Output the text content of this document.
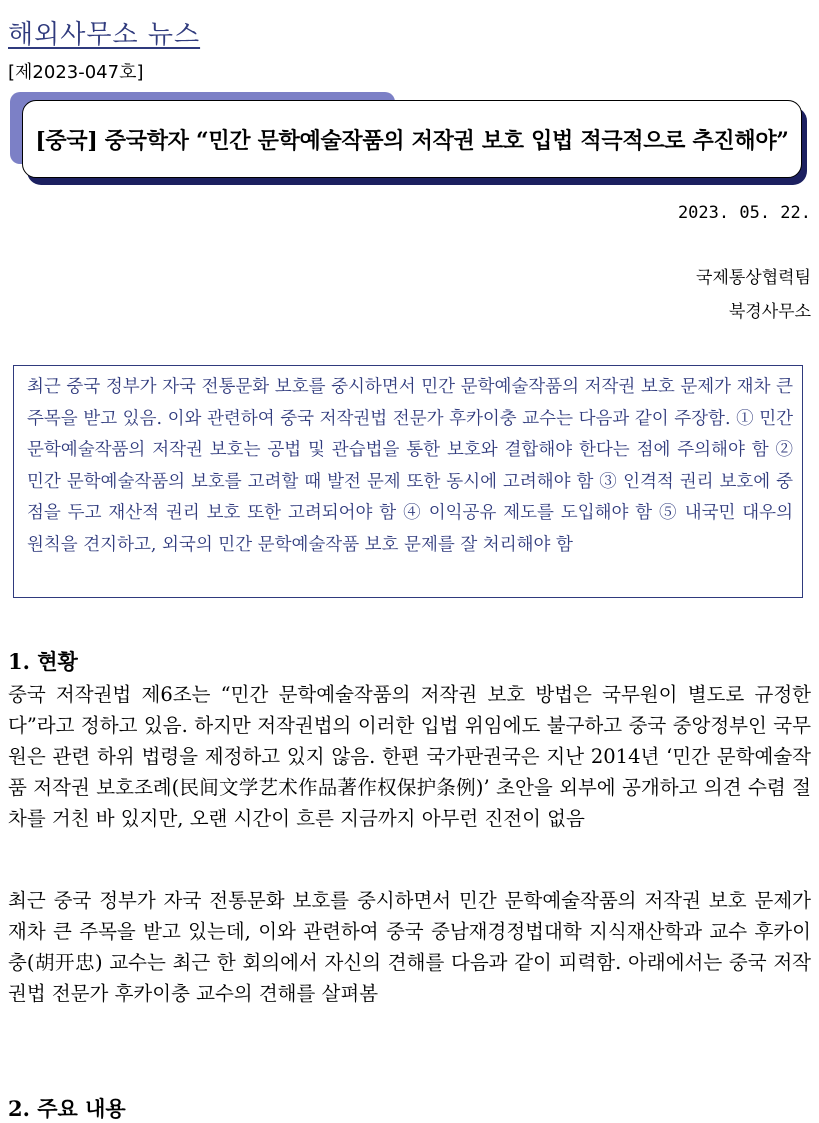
해외사무소 뉴스
[제2023-047호]
[중국] 중국학자 “민간 문학예술작품의 저작권 보호 입법 적극적으로 추진해야”
2023. 05. 22.
국제통상협력팀
북경사무소
최근 중국 정부가 자국 전통문화 보호를 중시하면서 민간 문학예술작품의 저작권 보호 문제가 재차 큰 주목을 받고 있음. 이와 관련하여 중국 저작권법 전문가 후카이충 교수는 다음과 같이 주장함. ① 민간 문학예술작품의 저작권 보호는 공법 및 관습법을 통한 보호와 결합해야 한다는 점에 주의해야 함 ② 민간 문학예술작품의 보호를 고려할 때 발전 문제 또한 동시에 고려해야 함 ③ 인격적 권리 보호에 중점을 두고 재산적 권리 보호 또한 고려되어야 함 ④ 이익공유 제도를 도입해야 함 ⑤ 내국민 대우의 원칙을 견지하고, 외국의 민간 문학예술작품 보호 문제를 잘 처리해야 함
1. 현황
중국 저작권법 제6조는 “민간 문학예술작품의 저작권 보호 방법은 국무원이 별도로 규정한다”라고 정하고 있음. 하지만 저작권법의 이러한 입법 위임에도 불구하고 중국 중앙정부인 국무원은 관련 하위 법령을 제정하고 있지 않음. 한편 국가판권국은 지난 2014년 ‘민간 문학예술작품 저작권 보호조례(民间文学艺术作品著作权保护条例)’ 초안을 외부에 공개하고 의견 수렴 절차를 거친 바 있지만, 오랜 시간이 흐른 지금까지 아무런 진전이 없음
최근 중국 정부가 자국 전통문화 보호를 중시하면서 민간 문학예술작품의 저작권 보호 문제가 재차 큰 주목을 받고 있는데, 이와 관련하여 중국 중남재경정법대학 지식재산학과 교수 후카이충(胡开忠) 교수는 최근 한 회의에서 자신의 견해를 다음과 같이 피력함. 아래에서는 중국 저작권법 전문가 후카이충 교수의 견해를 살펴봄
2. 주요 내용
